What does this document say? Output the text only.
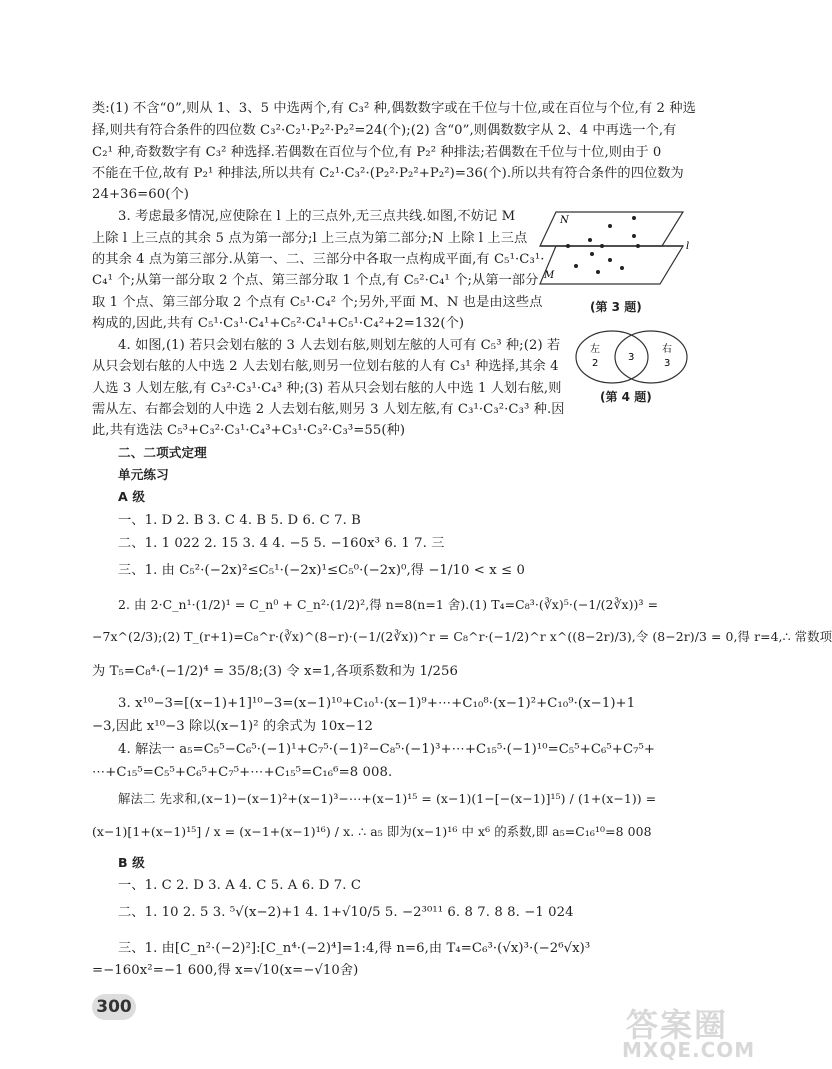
类:(1) 不含“0”,则从 1、3、5 中选两个,有 C₃² 种,偶数数字或在千位与十位,或在百位与个位,有 2 种选
择,则共有符合条件的四位数 C₃²·C₂¹·P₂²·P₂²=24(个);(2) 含“0”,则偶数数字从 2、4 中再选一个,有
C₂¹ 种,奇数数字有 C₃² 种选择.若偶数在百位与个位,有 P₂² 种排法;若偶数在千位与十位,则由于 0
不能在千位,故有 P₂¹ 种排法,所以共有 C₂¹·C₃²·(P₂²·P₂²+P₂²)=36(个).所以共有符合条件的四位数为
24+36=60(个)
3. 考虑最多情况,应使除在 l 上的三点外,无三点共线.如图,不妨记 M
上除 l 上三点的其余 5 点为第一部分;l 上三点为第二部分;N 上除 l 上三点
的其余 4 点为第三部分.从第一、二、三部分中各取一点构成平面,有 C₅¹·C₃¹·
C₄¹ 个;从第一部分取 2 个点、第三部分取 1 个点,有 C₅²·C₄¹ 个;从第一部分
取 1 个点、第三部分取 2 个点有 C₅¹·C₄² 个;另外,平面 M、N 也是由这些点
构成的,因此,共有 C₅¹·C₃¹·C₄¹+C₅²·C₄¹+C₅¹·C₄²+2=132(个)
4. 如图,(1) 若只会划右舷的 3 人去划右舷,则划左舷的人可有 C₅³ 种;(2) 若
从只会划右舷的人中选 2 人去划右舷,则另一位划右舷的人有 C₃¹ 种选择,其余 4
人选 3 人划左舷,有 C₃²·C₃¹·C₄³ 种;(3) 若从只会划右舷的人中选 1 人划右舷,则
需从左、右都会划的人中选 2 人去划右舷,则另 3 人划左舷,有 C₃¹·C₃²·C₃³ 种.因
此,共有选法 C₅³+C₃²·C₃¹·C₄³+C₃¹·C₃²·C₃³=55(种)
二、二项式定理
单元练习
A 级
一、1. D 2. B 3. C 4. B 5. D 6. C 7. B
二、1. 1 022 2. 15 3. 4 4. −5 5. −160x³ 6. 1 7. 三
三、1. 由 C₅²·(−2x)²≤C₅¹·(−2x)¹≤C₅⁰·(−2x)⁰,得 −1/10 < x ≤ 0
2. 由 2·C_n¹·(1/2)¹ = C_n⁰ + C_n²·(1/2)²,得 n=8(n=1 舍).(1) T₄=C₈³·(∛x)⁵·(−1/(2∛x))³ =
−7x^(2/3);(2) T_(r+1)=C₈^r·(∛x)^(8−r)·(−1/(2∛x))^r = C₈^r·(−1/2)^r x^((8−2r)/3),令 (8−2r)/3 = 0,得 r=4,∴ 常数项
为 T₅=C₈⁴·(−1/2)⁴ = 35/8;(3) 令 x=1,各项系数和为 1/256
3. x¹⁰−3=[(x−1)+1]¹⁰−3=(x−1)¹⁰+C₁₀¹·(x−1)⁹+⋯+C₁₀⁸·(x−1)²+C₁₀⁹·(x−1)+1
−3,因此 x¹⁰−3 除以(x−1)² 的余式为 10x−12
4. 解法一 a₅=C₅⁵−C₆⁵·(−1)¹+C₇⁵·(−1)²−C₈⁵·(−1)³+⋯+C₁₅⁵·(−1)¹⁰=C₅⁵+C₆⁵+C₇⁵+
⋯+C₁₅⁵=C₅⁵+C₆⁵+C₇⁵+⋯+C₁₅⁵=C₁₆⁶=8 008.
解法二 先求和,(x−1)−(x−1)²+(x−1)³−⋯+(x−1)¹⁵ = (x−1)(1−[−(x−1)]¹⁵) / (1+(x−1)) =
(x−1)[1+(x−1)¹⁵] / x = (x−1+(x−1)¹⁶) / x. ∴ a₅ 即为(x−1)¹⁶ 中 x⁶ 的系数,即 a₅=C₁₆¹⁰=8 008
B 级
一、1. C 2. D 3. A 4. C 5. A 6. D 7. C
二、1. 10 2. 5 3. ⁵√(x−2)+1 4. 1+√10/5 5. −2³⁰¹¹ 6. 8 7. 8 8. −1 024
三、1. 由[C_n²·(−2)²]:[C_n⁴·(−2)⁴]=1:4,得 n=6,由 T₄=C₆³·(√x)³·(−2⁶√x)³
=−160x²=−1 600,得 x=√10(x=−√10舍)
N
M
l
(第 3 题)
左
2
3
右
3
(第 4 题)
300	答案圈
MXQE.COM
